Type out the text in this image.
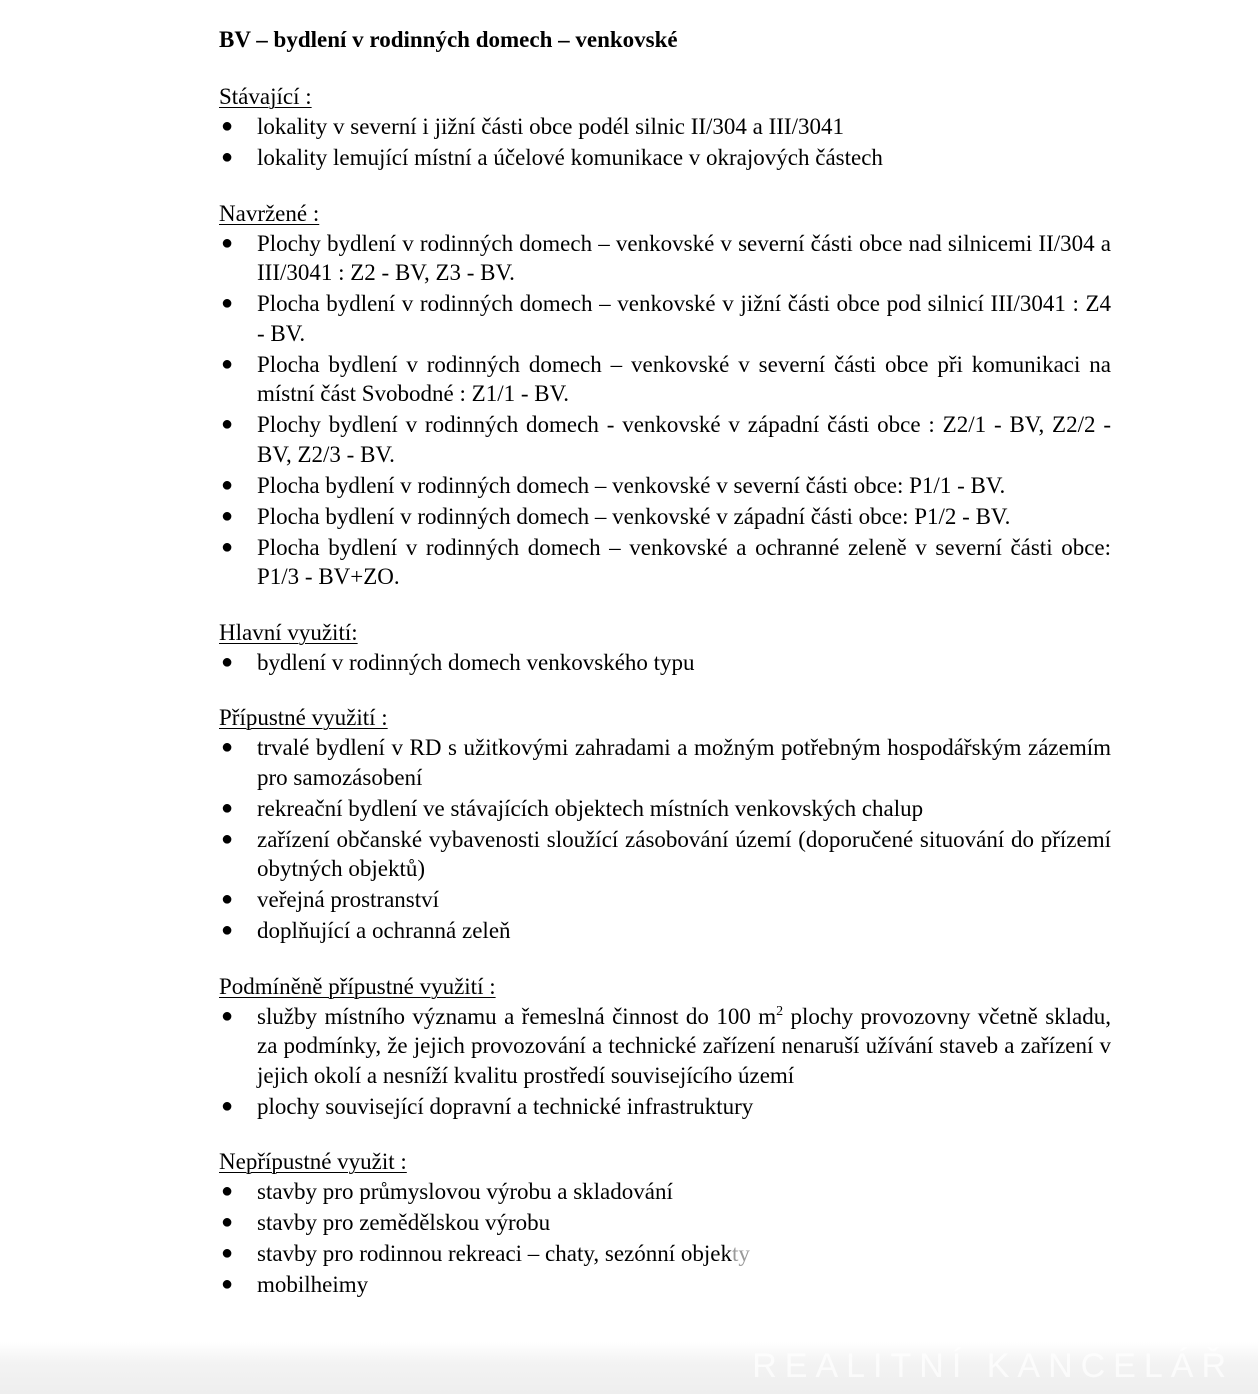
BV – bydlení v rodinných domech – venkovské
Stávající :
● lokality v severní i jižní části obce podél silnic II/304 a III/3041
● lokality lemující místní a účelové komunikace v okrajových částech
Navržené :
● Plochy bydlení v rodinných domech – venkovské v severní části obce nad silnicemi II/304 a III/3041 : Z2 - BV, Z3 - BV.
● Plocha bydlení v rodinných domech – venkovské v jižní části obce pod silnicí III/3041 : Z4 - BV.
● Plocha bydlení v rodinných domech – venkovské v severní části obce při komunikaci na místní část Svobodné : Z1/1 - BV.
● Plochy bydlení v rodinných domech - venkovské v západní části obce : Z2/1 - BV, Z2/2 - BV, Z2/3 - BV.
● Plocha bydlení v rodinných domech – venkovské v severní části obce: P1/1 - BV.
● Plocha bydlení v rodinných domech – venkovské v západní části obce: P1/2 - BV.
● Plocha bydlení v rodinných domech – venkovské a ochranné zeleně v severní části obce: P1/3 - BV+ZO.
Hlavní využití:
● bydlení v rodinných domech venkovského typu
Přípustné využití :
● trvalé bydlení v RD s užitkovými zahradami a možným potřebným hospodářským zázemím pro samozásobení
● rekreační bydlení ve stávajících objektech místních venkovských chalup
● zařízení občanské vybavenosti sloužící zásobování území (doporučené situování do přízemí obytných objektů)
● veřejná prostranství
● doplňující a ochranná zeleň
Podmíněně přípustné využití :
● služby místního významu a řemeslná činnost do 100 $m^2$ plochy provozovny včetně skladu, za podmínky, že jejich provozování a technické zařízení nenaruší užívání staveb a zařízení v jejich okolí a nesníží kvalitu prostředí souvisejícího území
● plochy související dopravní a technické infrastruktury
Nepřípustné využit :
● stavby pro průmyslovou výrobu a skladování
● stavby pro zemědělskou výrobu
● stavby pro rodinnou rekreaci – chaty, sezónní objekty
● mobilheimy
REALITNÍ KANCELÁŘ
